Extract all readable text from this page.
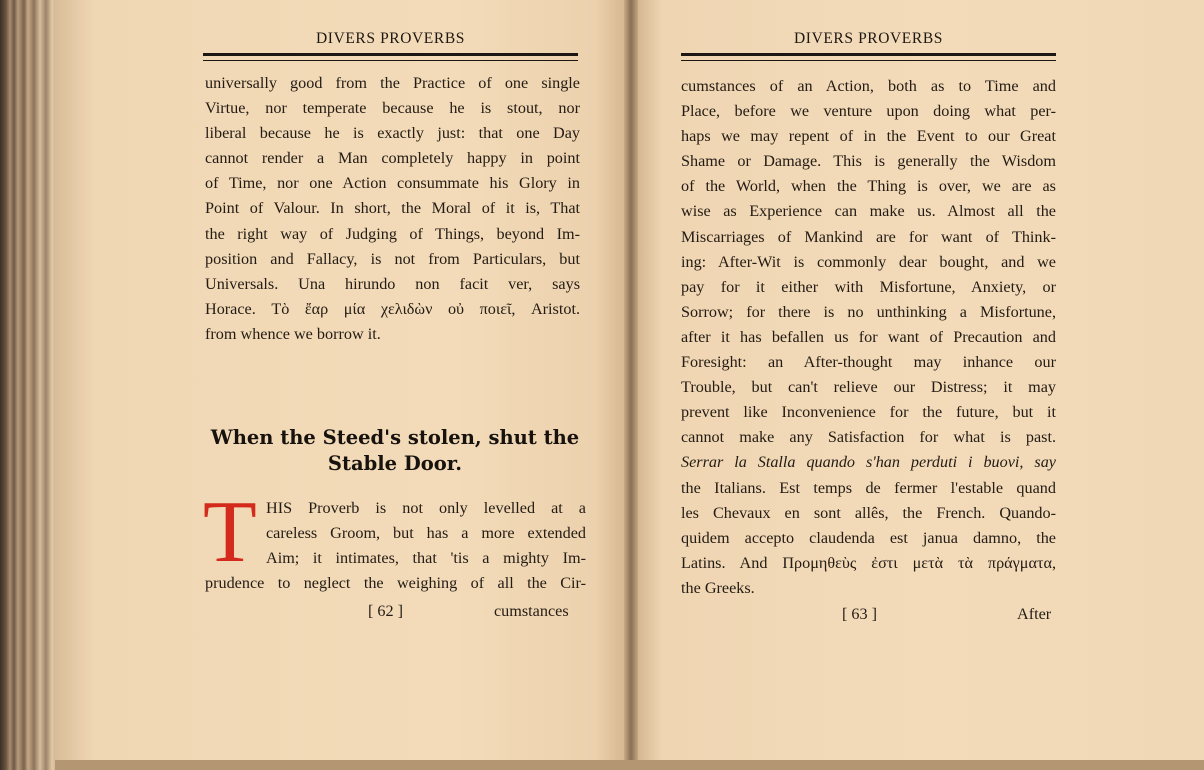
DIVERS PROVERBS
universally good from the Practice of one single
Virtue, nor temperate because he is stout, nor
liberal because he is exactly just: that one Day
cannot render a Man completely happy in point
of Time, nor one Action consummate his Glory in
Point of Valour. In short, the Moral of it is, That
the right way of Judging of Things, beyond Im-
position and Fallacy, is not from Particulars, but
Universals. Una hirundo non facit ver, says
Horace. Τὸ ἔαρ μία χελιδὼν οὐ ποιεῖ, Aristot.
from whence we borrow it.
When the Steed's stolen, shut the
Stable Door.
T HIS Proverb is not only levelled at a
careless Groom, but has a more extended
Aim; it intimates, that 'tis a mighty Im-
prudence to neglect the weighing of all the Cir-
[ 62 ]	cumstances
DIVERS PROVERBS
cumstances of an Action, both as to Time and
Place, before we venture upon doing what per-
haps we may repent of in the Event to our Great
Shame or Damage. This is generally the Wisdom
of the World, when the Thing is over, we are as
wise as Experience can make us. Almost all the
Miscarriages of Mankind are for want of Think-
ing: After-Wit is commonly dear bought, and we
pay for it either with Misfortune, Anxiety, or
Sorrow; for there is no unthinking a Misfortune,
after it has befallen us for want of Precaution and
Foresight: an After-thought may inhance our
Trouble, but can't relieve our Distress; it may
prevent like Inconvenience for the future, but it
cannot make any Satisfaction for what is past.
Serrar la Stalla quando s'han perduti i buovi, say
the Italians. Est temps de fermer l'estable quand
les Chevaux en sont allês, the French. Quando-
quidem accepto claudenda est janua damno, the
Latins. And Προμηθεὺς ἐστι μετὰ τὰ πράγματα,
the Greeks.
[ 63 ]	After
